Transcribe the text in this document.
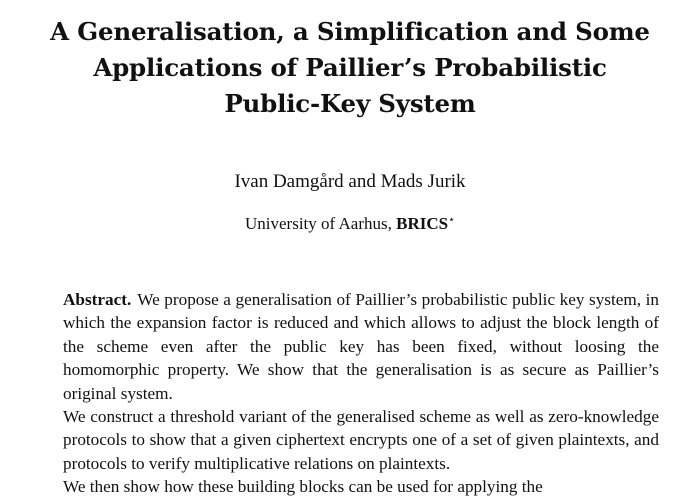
A Generalisation, a Simplification and Some
Applications of Paillier’s Probabilistic
Public-Key System

Ivan Damgård and Mads Jurik

University of Aarhus, BRICS⋆

Abstract. We propose a generalisation of Paillier’s probabilistic public key system, in which the expansion factor is reduced and which allows to adjust the block length of the scheme even after the public key has been fixed, without loosing the homomorphic property. We show that the generalisation is as secure as Paillier’s original system.

We construct a threshold variant of the generalised scheme as well as zero-knowledge protocols to show that a given ciphertext encrypts one of a set of given plaintexts, and protocols to verify multiplicative relations on plaintexts.

We then show how these building blocks can be used for applying the
